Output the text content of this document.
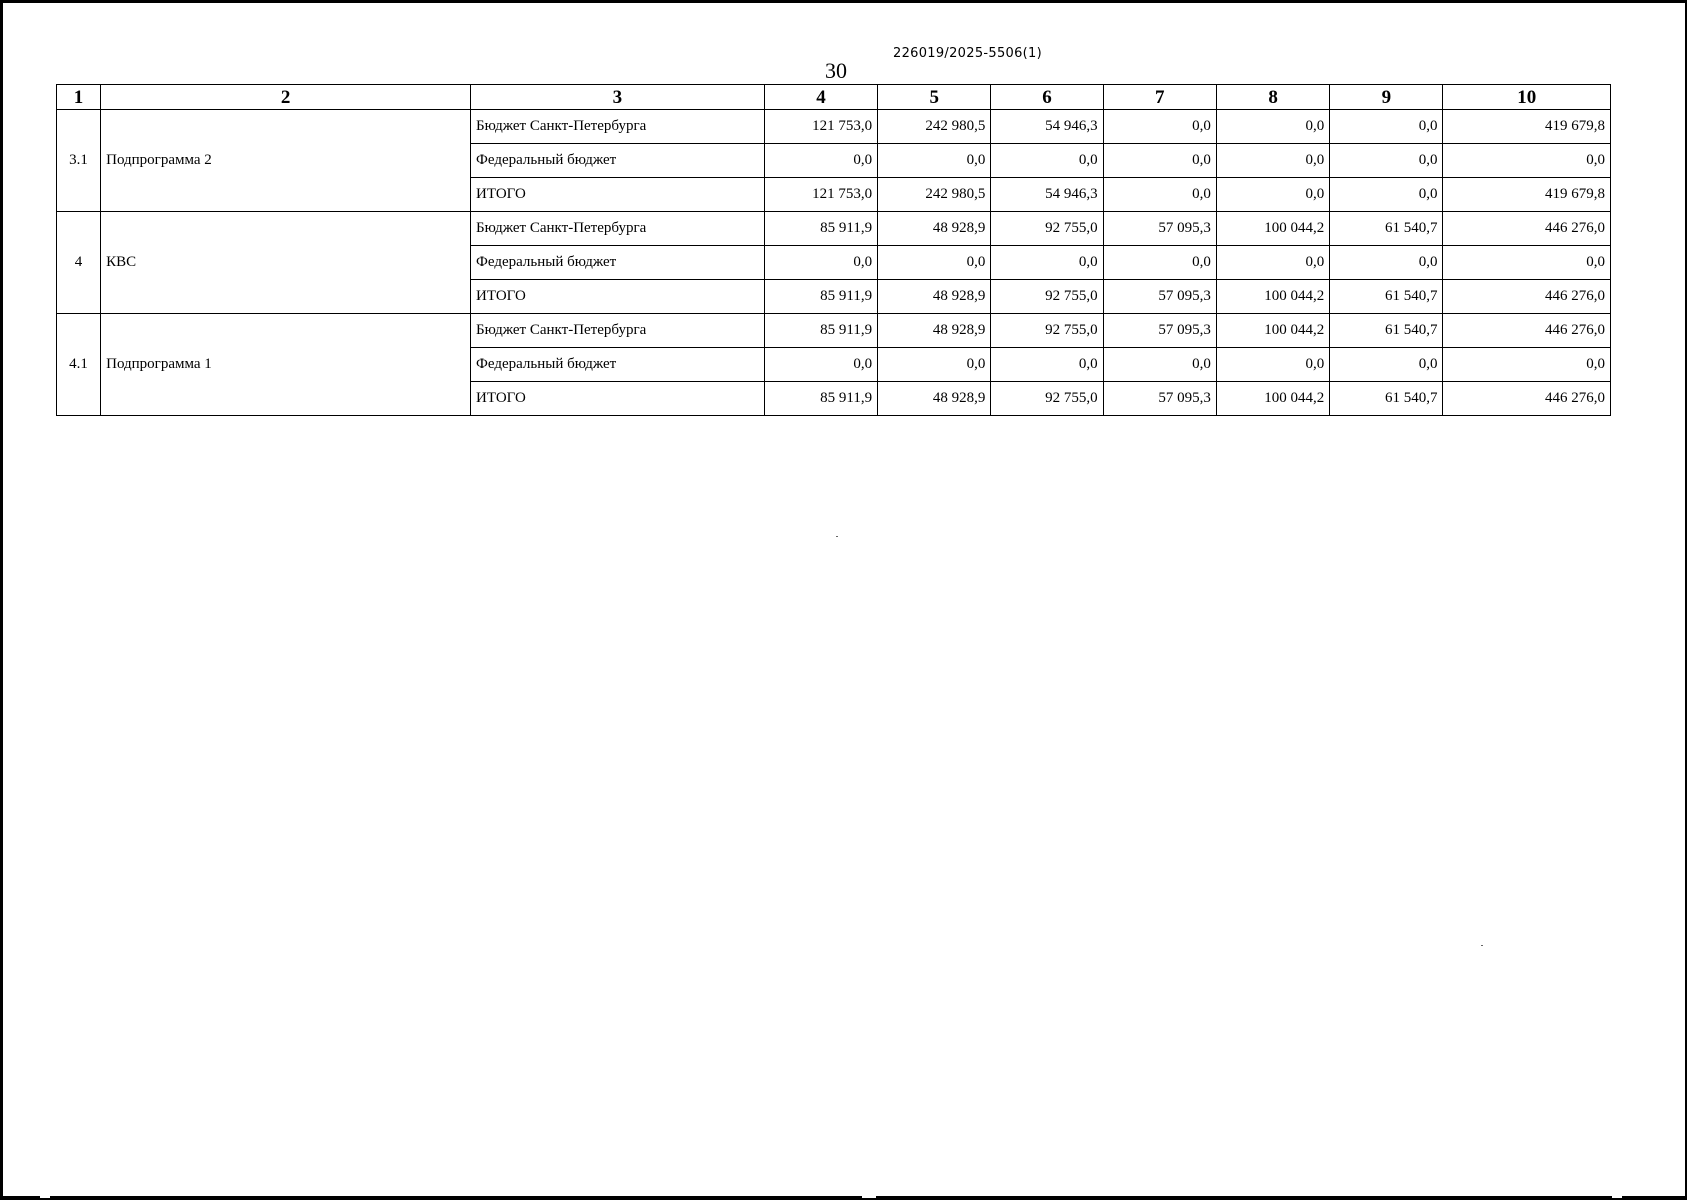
226019/2025-5506(1)
30
1	2	3	4	5	6	7	8	9	10
3.1	Подпрограмма 2	Бюджет Санкт-Петербурга	121 753,0	242 980,5	54 946,3	0,0	0,0	0,0	419 679,8
		Федеральный бюджет	0,0	0,0	0,0	0,0	0,0	0,0	0,0
		ИТОГО	121 753,0	242 980,5	54 946,3	0,0	0,0	0,0	419 679,8
4	КВС	Бюджет Санкт-Петербурга	85 911,9	48 928,9	92 755,0	57 095,3	100 044,2	61 540,7	446 276,0
		Федеральный бюджет	0,0	0,0	0,0	0,0	0,0	0,0	0,0
		ИТОГО	85 911,9	48 928,9	92 755,0	57 095,3	100 044,2	61 540,7	446 276,0
4.1	Подпрограмма 1	Бюджет Санкт-Петербурга	85 911,9	48 928,9	92 755,0	57 095,3	100 044,2	61 540,7	446 276,0
		Федеральный бюджет	0,0	0,0	0,0	0,0	0,0	0,0	0,0
		ИТОГО	85 911,9	48 928,9	92 755,0	57 095,3	100 044,2	61 540,7	446 276,0
